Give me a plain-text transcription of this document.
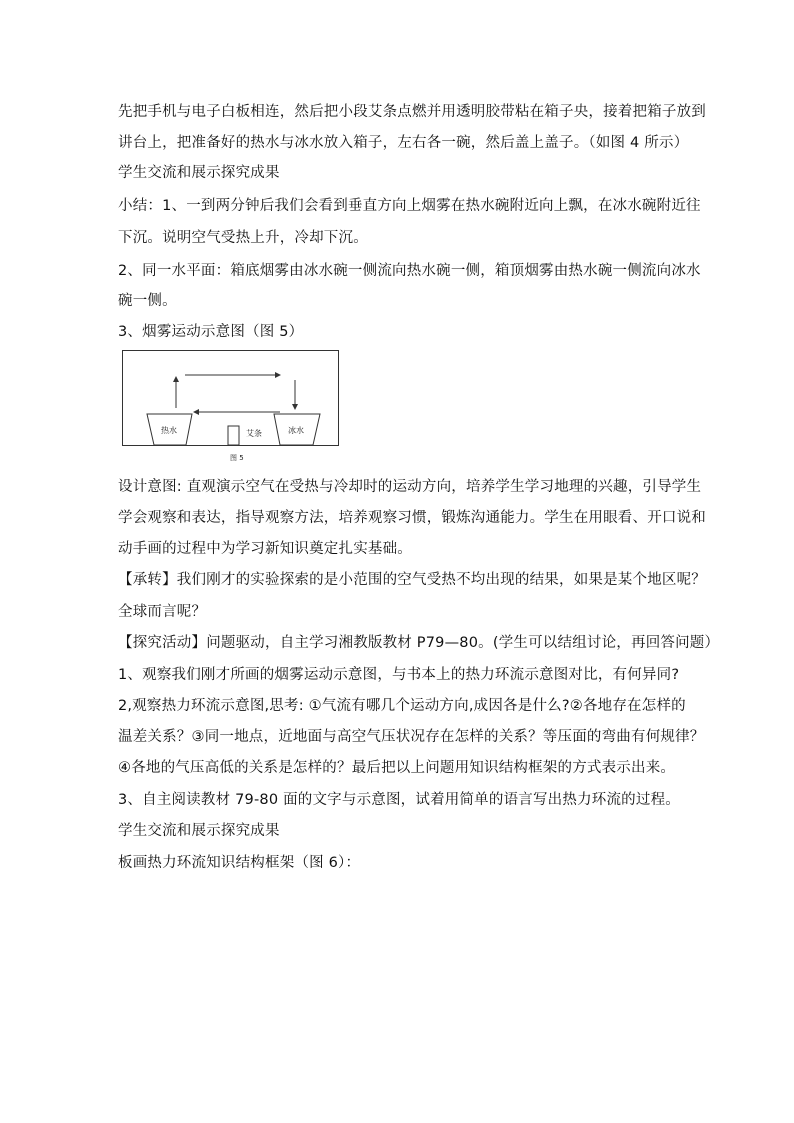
先把手机与电子白板相连，然后把小段艾条点燃并用透明胶带粘在箱子央，接着把箱子放到
讲台上，把准备好的热水与冰水放入箱子，左右各一碗，然后盖上盖子。（如图 4 所示）
学生交流和展示探究成果
小结：1、一到两分钟后我们会看到垂直方向上烟雾在热水碗附近向上飘，在冰水碗附近往
下沉。说明空气受热上升，冷却下沉。
2、同一水平面：箱底烟雾由冰水碗一侧流向热水碗一侧，箱顶烟雾由热水碗一侧流向冰水
碗一侧。
3、烟雾运动示意图（图 5）
热水	冰水
艾条
图 5
设计意图: 直观演示空气在受热与冷却时的运动方向，培养学生学习地理的兴趣，引导学生
学会观察和表达，指导观察方法，培养观察习惯，锻炼沟通能力。学生在用眼看、开口说和
动手画的过程中为学习新知识奠定扎实基础。
【承转】我们刚才的实验探索的是小范围的空气受热不均出现的结果，如果是某个地区呢？
全球而言呢？
【探究活动】问题驱动，自主学习湘教版教材 P79—80。(学生可以结组讨论，再回答问题）
1、观察我们刚才所画的烟雾运动示意图，与书本上的热力环流示意图对比，有何异同?
2,观察热力环流示意图,思考: ①气流有哪几个运动方向,成因各是什么?②各地存在怎样的
温差关系？③同一地点，近地面与高空气压状况存在怎样的关系？等压面的弯曲有何规律？
④各地的气压高低的关系是怎样的？最后把以上问题用知识结构框架的方式表示出来。
3、自主阅读教材 79-80 面的文字与示意图，试着用简单的语言写出热力环流的过程。
学生交流和展示探究成果
板画热力环流知识结构框架（图 6）：
